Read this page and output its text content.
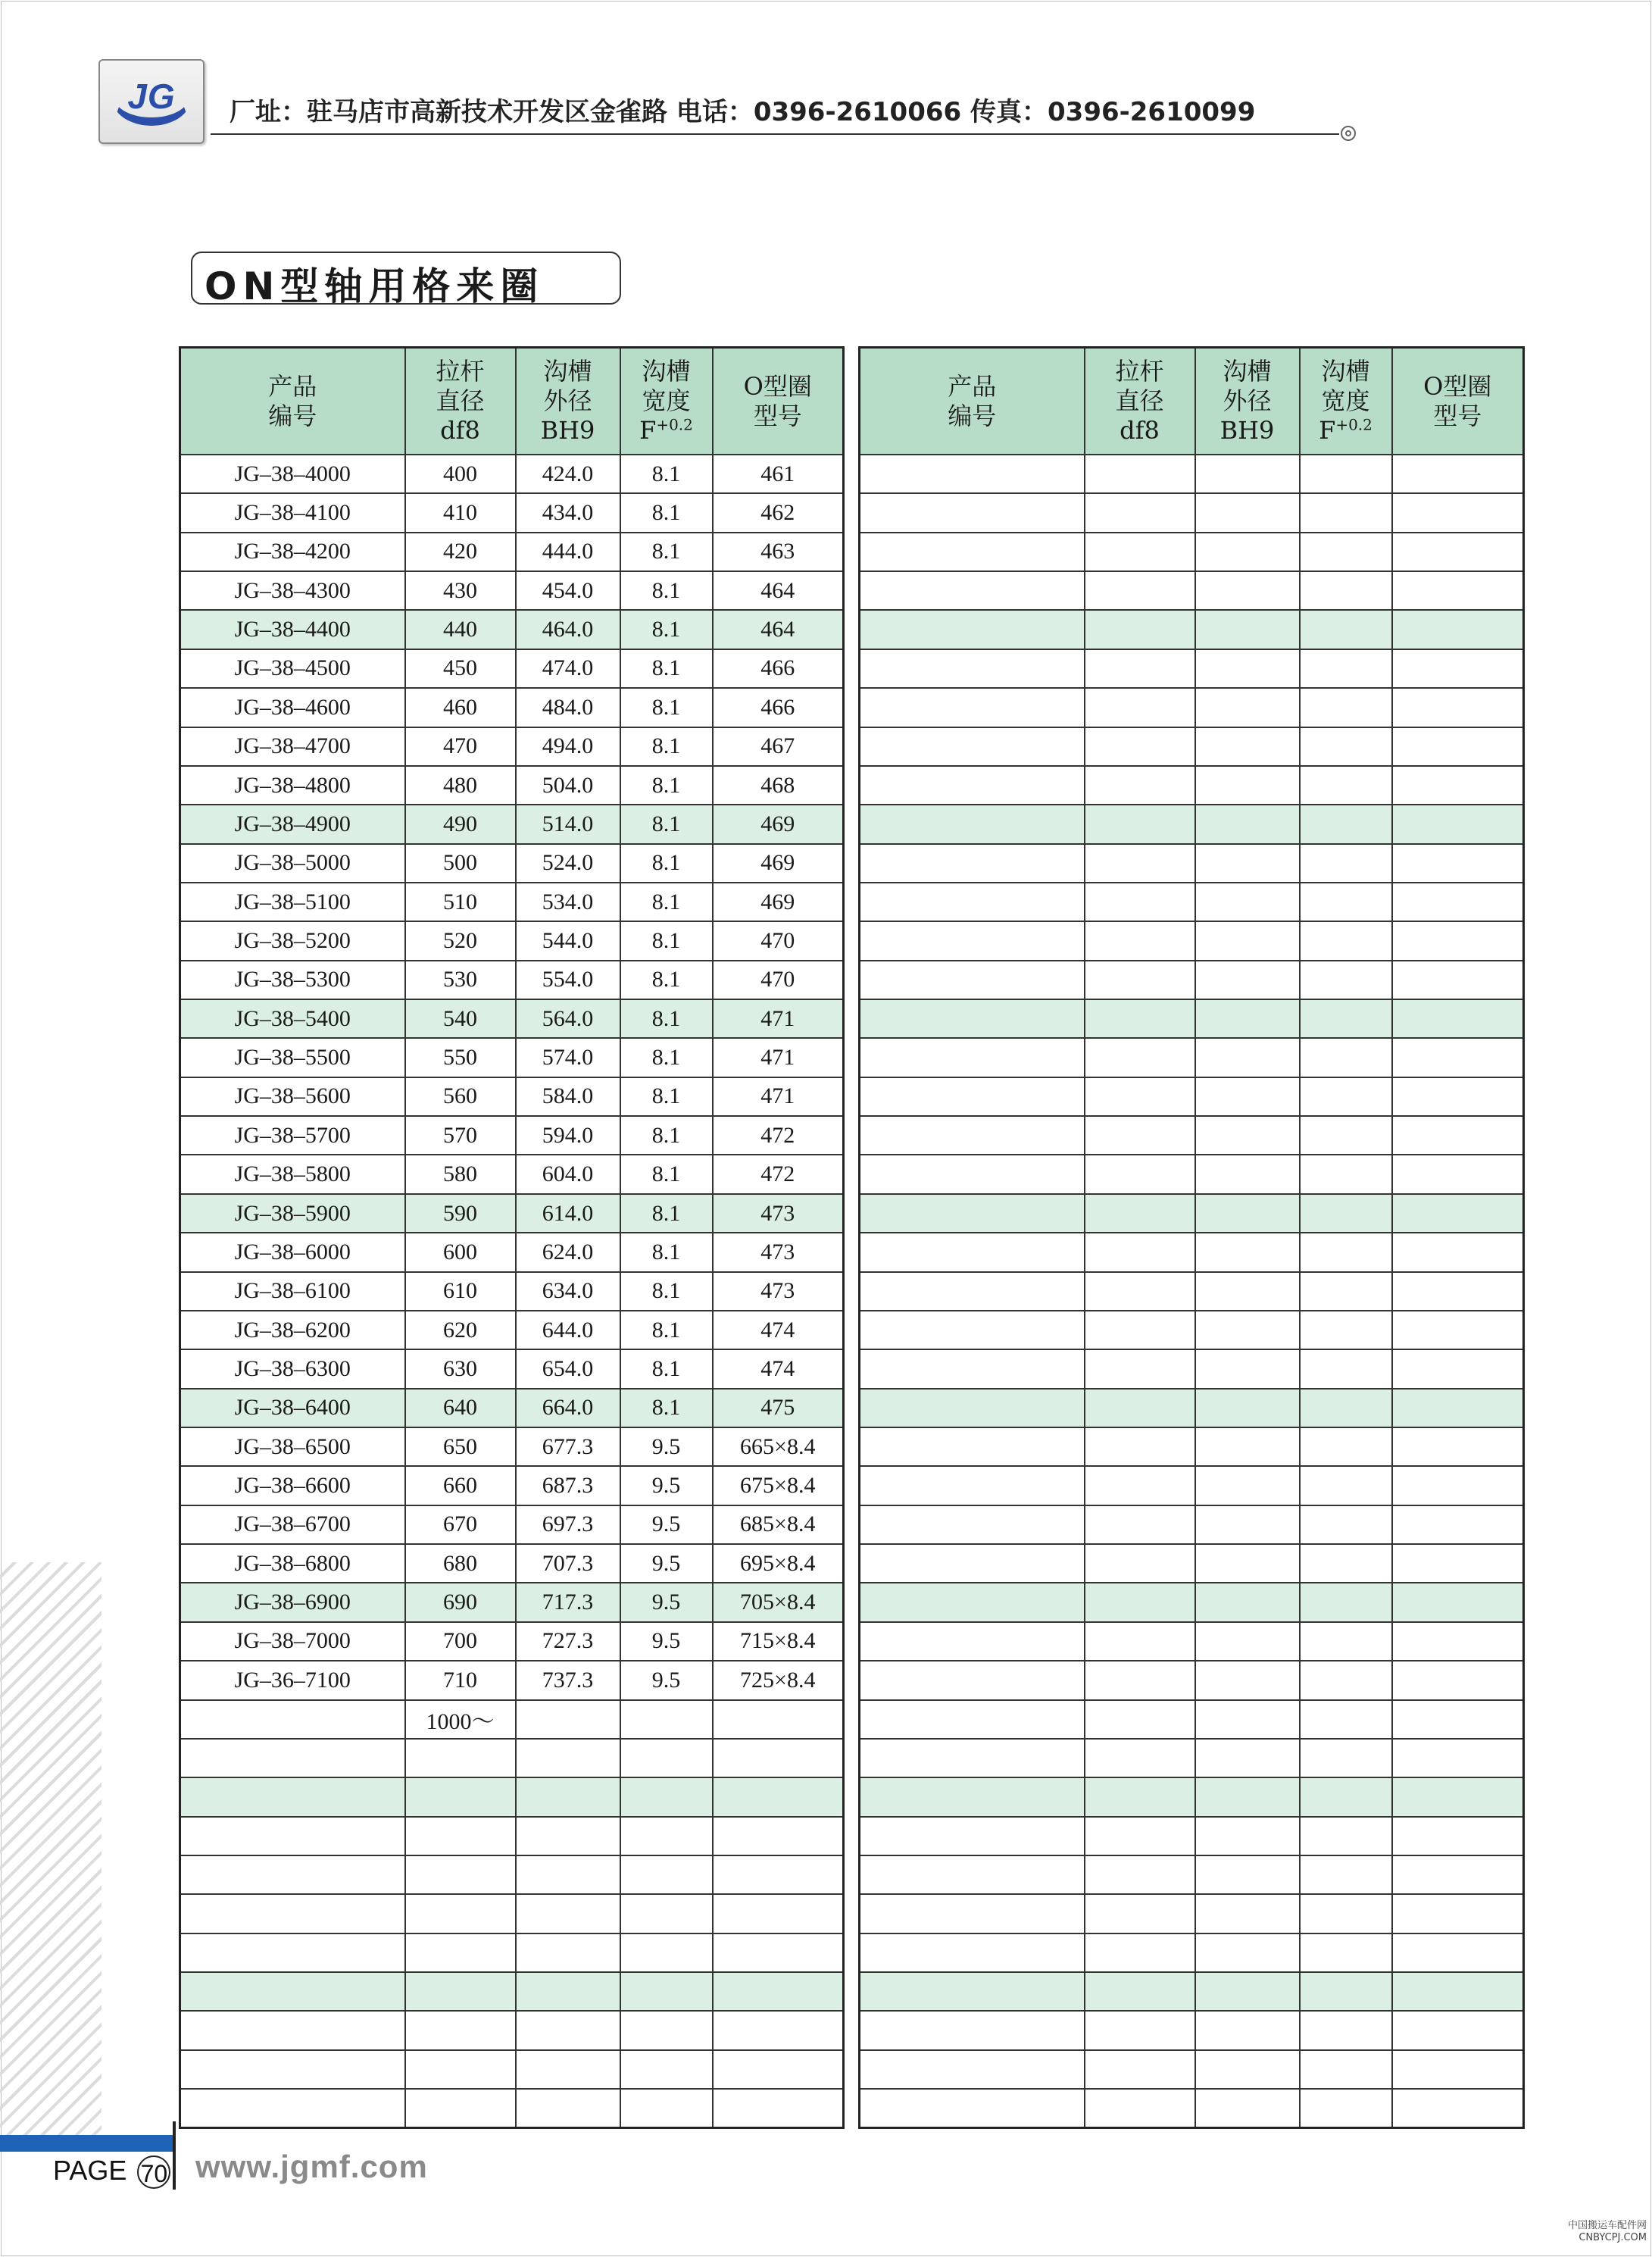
JG	厂址：驻马店市高新技术开发区金雀路 电话：0396-2610066 传真：0396-2610099
ON型轴用格来圈
产品
编号	拉杆
直径
df8	沟槽
外径
BH9	沟槽
宽度
$F^{+0.2}$	O型圈
型号

JG–38–4000	400	424.0	8.1	461
JG–38–4100	410	434.0	8.1	462
JG–38–4200	420	444.0	8.1	463
JG–38–4300	430	454.0	8.1	464
JG–38–4400	440	464.0	8.1	464
JG–38–4500	450	474.0	8.1	466
JG–38–4600	460	484.0	8.1	466
JG–38–4700	470	494.0	8.1	467
JG–38–4800	480	504.0	8.1	468
JG–38–4900	490	514.0	8.1	469
JG–38–5000	500	524.0	8.1	469
JG–38–5100	510	534.0	8.1	469
JG–38–5200	520	544.0	8.1	470
JG–38–5300	530	554.0	8.1	470
JG–38–5400	540	564.0	8.1	471
JG–38–5500	550	574.0	8.1	471
JG–38–5600	560	584.0	8.1	471
JG–38–5700	570	594.0	8.1	472
JG–38–5800	580	604.0	8.1	472
JG–38–5900	590	614.0	8.1	473
JG–38–6000	600	624.0	8.1	473
JG–38–6100	610	634.0	8.1	473
JG–38–6200	620	644.0	8.1	474
JG–38–6300	630	654.0	8.1	474
JG–38–6400	640	664.0	8.1	475
JG–38–6500	650	677.3	9.5	665×8.4
JG–38–6600	660	687.3	9.5	675×8.4
JG–38–6700	670	697.3	9.5	685×8.4
JG–38–6800	680	707.3	9.5	695×8.4
JG–38–6900	690	717.3	9.5	705×8.4
JG–38–7000	700	727.3	9.5	715×8.4
JG–36–7100	710	737.3	9.5	725×8.4
	1000～			

产品
编号	拉杆
直径
df8	沟槽
外径
BH9	沟槽
宽度
$F^{+0.2}$	O型圈
型号

PAGE 70 www.jgmf.com
中国搬运车配件网
CNBYCPJ.COM
